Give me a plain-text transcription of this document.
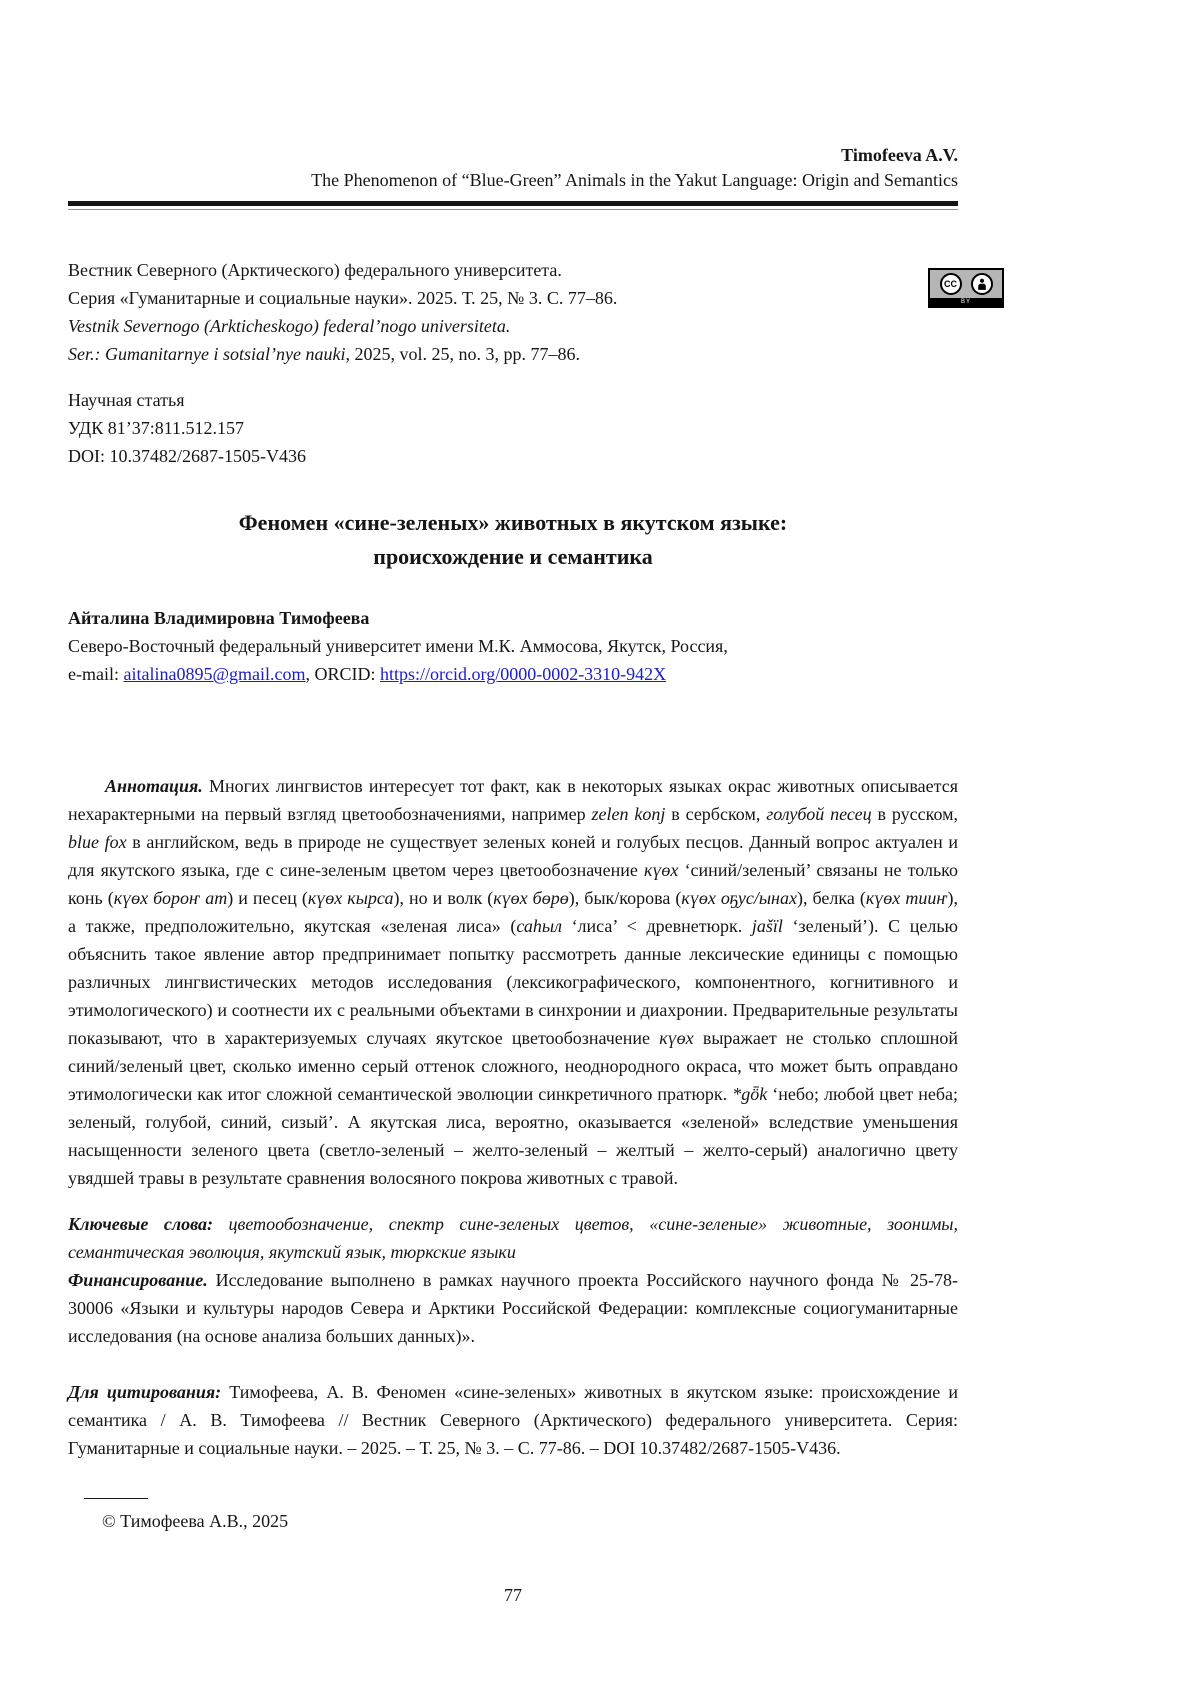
Timofeeva A.V.
The Phenomenon of “Blue-Green” Animals in the Yakut Language: Origin and Semantics
Вестник Северного (Арктического) федерального университета.
Серия «Гуманитарные и социальные науки». 2025. Т. 25, № 3. С. 77–86.
Vestnik Severnogo (Arkticheskogo) federal’nogo universiteta.
Ser.: Gumanitarnye i sotsial’nye nauki, 2025, vol. 25, no. 3, pp. 77–86.
CC
BY
Научная статья
УДК 81’37:811.512.157
DOI: 10.37482/2687-1505-V436
Феномен «сине-зеленых» животных в якутском языке:
происхождение и семантика
Айталина Владимировна Тимофеева
Северо-Восточный федеральный университет имени М.К. Аммосова, Якутск, Россия,
e-mail: aitalina0895@gmail.com, ORCID: https://orcid.org/0000-0002-3310-942X

Аннотация. Многих лингвистов интересует тот факт, как в некоторых языках окрас животных описывается нехарактерными на первый взгляд цветообозначениями, например zelen konj в сербском, голубой песец в русском, blue fox в английском, ведь в природе не существует зеленых коней и голубых песцов. Данный вопрос актуален и для якутского языка, где с сине-зеленым цветом через цветообозначение күөх ‘синий/зеленый’ связаны не только конь (күөх бороҥ ат) и песец (күөх кырса), но и волк (күөх бөрө), бык/корова (күөх оҕус/ынах), белка (күөх тииҥ), а также, предположительно, якутская «зеленая лиса» (саһыл ‘лиса’ < древнетюрк. jašïl ‘зеленый’). С целью объяснить такое явление автор предпринимает попытку рассмотреть данные лексические единицы с помощью различных лингвистических методов исследования (лексикографического, компонентного, когнитивного и этимологического) и соотнести их с реальными объектами в синхронии и диахронии. Предварительные результаты показывают, что в характеризуемых случаях якутское цветообозначение күөх выражает не столько сплошной синий/зеленый цвет, сколько именно серый оттенок сложного, неоднородного окраса, что может быть оправдано этимологически как итог сложной семантической эволюции синкретичного пратюрк. *gȫk ‘небо; любой цвет неба; зеленый, голубой, синий, сизый’. А якутская лиса, вероятно, оказывается «зеленой» вследствие уменьшения насыщенности зеленого цвета (светло-зеленый – желто-зеленый – желтый – желто-серый) аналогично цвету увядшей травы в результате сравнения волосяного покрова животных с травой.

Ключевые слова: цветообозначение, спектр сине-зеленых цветов, «сине-зеленые» животные, зоонимы, семантическая эволюция, якутский язык, тюркские языки

Финансирование. Исследование выполнено в рамках научного проекта Российского научного фонда № 25-78-30006 «Языки и культуры народов Севера и Арктики Российской Федерации: комплексные социогуманитарные исследования (на основе анализа больших данных)».

Для цитирования: Тимофеева, А. В. Феномен «сине-зеленых» животных в якутском языке: происхождение и семантика / А. В. Тимофеева // Вестник Северного (Арктического) федерального университета. Серия: Гуманитарные и социальные науки. – 2025. – Т. 25, № 3. – С. 77-86. – DOI 10.37482/2687-1505-V436.

© Тимофеева А.В., 2025
77
